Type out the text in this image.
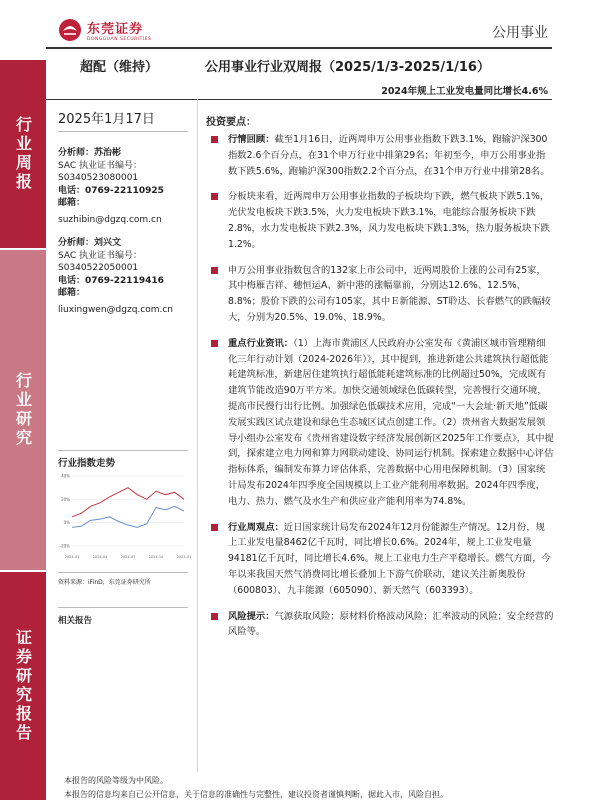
行业周报
行业研究
证券研究报告
东莞证券
DONGGUAN SECURITIES	公用事业
超配（维持）	公用事业行业双周报（2025/1/3-2025/1/16）
2024年规上工业发电量同比增长4.6%
2025年1月17日
分析师：苏治彬
SAC 执业证书编号：
S0340523080001
电话：0769-22110925
邮箱：
suzhibin@dgzq.com.cn
分析师：刘兴文
SAC 执业证书编号：
S0340522050001
电话：0769-22119416
邮箱：
liuxingwen@dgzq.com.cn
行业指数走势
-20%
0%
20%
40%
2024-01	2024-04	2024-07	2024-10	2025-01
资料来源：iFinD，东莞证券研究所
相关报告
投资要点：
行情回顾：截至1月16日，近两周申万公用事业指数下跌3.1%，跑输沪深300指数2.6个百分点，在31个申万行业中排第29名；年初至今，申万公用事业指数下跌5.6%，跑输沪深300指数2.2个百分点，在31个申万行业中排第28名。
分板块来看，近两周申万公用事业指数的子板块均下跌，燃气板块下跌5.1%，光伏发电板块下跌3.5%，火力发电板块下跌3.1%，电能综合服务板块下跌2.8%，水力发电板块下跌2.3%，风力发电板块下跌1.3%，热力服务板块下跌1.2%。
申万公用事业指数包含的132家上市公司中，近两周股价上涨的公司有25家，其中梅雁吉祥、穗恒运A、新中港的涨幅靠前，分别达12.6%、12.5%、8.8%；股价下跌的公司有105家，其中Ｅ新能源、ST聆达、长春燃气的跌幅较大，分别为20.5%、19.0%、18.9%。
重点行业资讯：（1）上海市黄浦区人民政府办公室发布《黄浦区城市管理精细化三年行动计划（2024-2026年）》，其中提到，推进新建公共建筑执行超低能耗建筑标准，新建居住建筑执行超低能耗建筑标准的比例超过50%，完成既有建筑节能改造90万平方米。加快交通领域绿色低碳转型，完善慢行交通环境，提高市民慢行出行比例。加强绿色低碳技术应用，完成“一大会址·新天地”低碳发展实践区试点建设和绿色生态城区试点创建工作。（2）贵州省大数据发展领导小组办公室发布《贵州省建设数字经济发展创新区2025年工作要点》，其中提到，探索建立电力网和算力网联动建设、协同运行机制。探索建立数据中心评估指标体系，编制发布算力评估体系，完善数据中心用电保障机制。（3）国家统计局发布2024年四季度全国规模以上工业产能利用率数据。2024年四季度，电力、热力、燃气及水生产和供应业产能利用率为74.8%。
行业周观点：近日国家统计局发布2024年12月份能源生产情况。12月份，规上工业发电量8462亿千瓦时，同比增长0.6%。2024年，规上工业发电量94181亿千瓦时，同比增长4.6%。规上工业电力生产平稳增长。燃气方面，今年以来我国天然气消费同比增长叠加上下游气价联动，建议关注新奥股份（600803）、九丰能源（605090）、新天然气（603393）。
风险提示：气源获取风险；原材料价格波动风险；汇率波动的风险；安全经营的风险等。
本报告的风险等级为中风险。
本报告的信息均来自已公开信息，关于信息的准确性与完整性，建议投资者谨慎判断，据此入市，风险自担。
